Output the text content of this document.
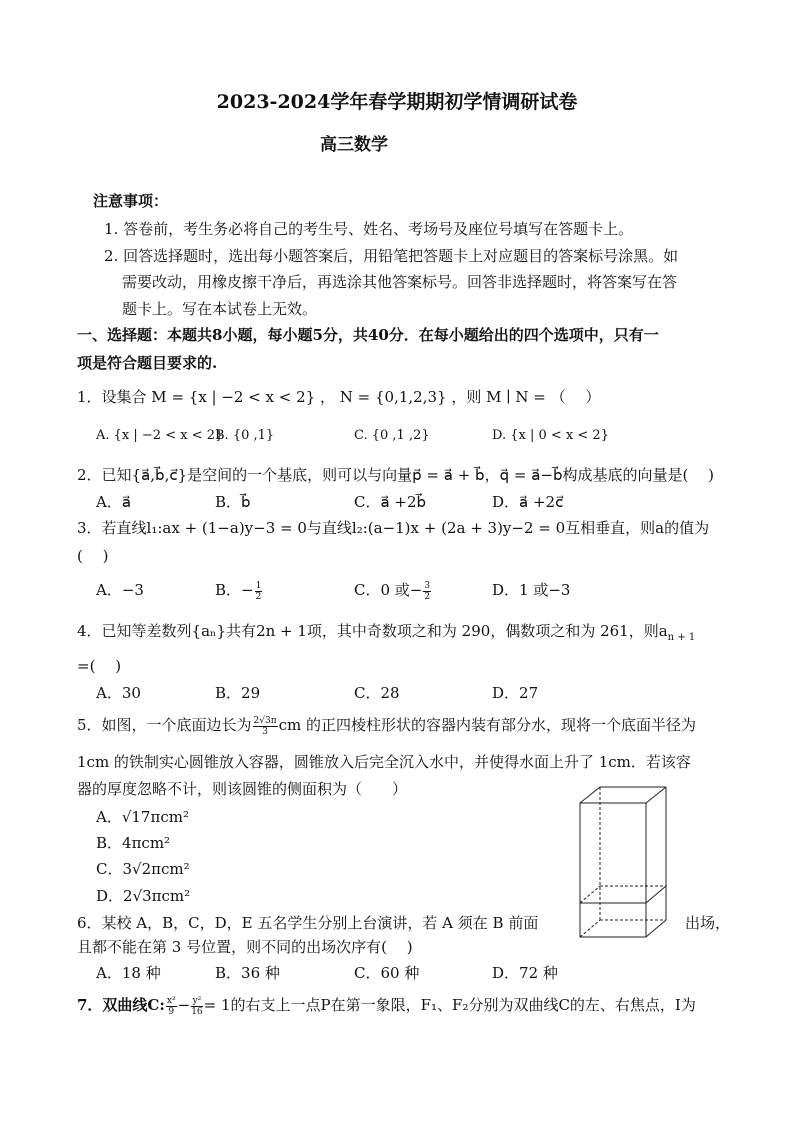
2023-2024学年春学期期初学情调研试卷
高三数学
注意事项：
1. 答卷前，考生务必将自己的考生号、姓名、考场号及座位号填写在答题卡上。
2. 回答选择题时，选出每小题答案后，用铅笔把答题卡上对应题目的答案标号涂黑。如
需要改动，用橡皮擦干净后，再选涂其他答案标号。回答非选择题时，将答案写在答
题卡上。写在本试卷上无效。
一、选择题：本题共8小题，每小题5分，共40分．在每小题给出的四个选项中，只有一
项是符合题目要求的.
1．设集合 M = {x | −2 < x < 2} ， N = {0,1,2,3} ，则 M ∣ N = （　 ）
A. {x | −2 < x < 2}
B. {0 ,1}	C. {0 ,1 ,2}	D. {x | 0 < x < 2}
2．已知{a⃗,b⃗,c⃗}是空间的一个基底，则可以与向量p⃗ = a⃗ + b⃗，q⃗ = a⃗−b⃗构成基底的向量是(　 )
A．a⃗	B．b⃗	C．a⃗ +2b⃗	D．a⃗ +2c⃗
3．若直线l₁:ax + (1−a)y−3 = 0与直线l₂:(a−1)x + (2a + 3)y−2 = 0互相垂直，则a的值为
(　 )
A．−3	B．− $\frac{1}{2}$	C．0 或− $\frac{3}{2}$	D．1 或−3
4．已知等差数列{aₙ}共有2n + 1项，其中奇数项之和为 290，偶数项之和为 261，则$a_{n + 1}$
=(　 )
A．30	B．29	C．28	D．27
5．如图，一个底面边长为 $\frac{2√3\pi}{3}$ cm 的正四棱柱形状的容器内装有部分水，现将一个底面半径为
1cm 的铁制实心圆锥放入容器，圆锥放入后完全沉入水中，并使得水面上升了 1cm．若该容
器的厚度忽略不计，则该圆锥的侧面积为（　　）
A．√17πcm²
B．4πcm²
C．3√2πcm²
D．2√3πcm²
6．某校 A，B，C，D，E 五名学生分别上台演讲，若 A 须在 B 前面	出场，
且都不能在第 3 号位置，则不同的出场次序有(　 )
A．18 种	B．36 种	C．60 种	D．72 种
7．双曲线C: $\frac{\text{x²}}{9} - \frac{\text{y²}}{16} = 1$的右支上一点P在第一象限，F₁、F₂分别为双曲线C的左、右焦点，I为
